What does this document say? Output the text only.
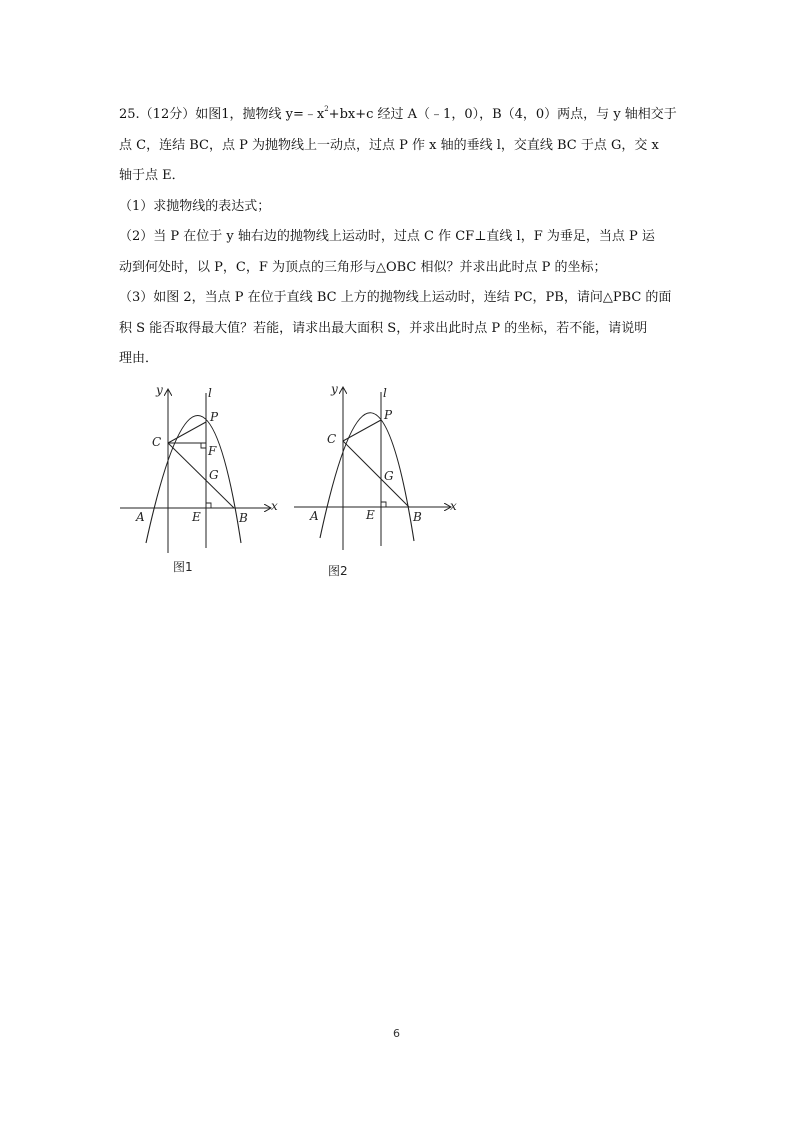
25.（12分）如图1，抛物线 $y=﹣x^2+bx+c$ 经过 A（﹣1，0），B（4，0）两点，与 y 轴相交于

点 C，连结 BC，点 P 为抛物线上一动点，过点 P 作 x 轴的垂线 l，交直线 BC 于点 G，交 x

轴于点 E．

（1）求抛物线的表达式；

（2）当 P 在位于 y 轴右边的抛物线上运动时，过点 C 作 CF⊥直线 l，F 为垂足，当点 P 运

动到何处时，以 P，C，F 为顶点的三角形与△OBC 相似？并求出此时点 P 的坐标；

（3）如图 2，当点 P 在位于直线 BC 上方的抛物线上运动时，连结 PC，PB，请问△PBC 的面

积 S 能否取得最大值？若能，请求出最大面积 S，并求出此时点 P 的坐标，若不能，请说明

理由．

y	l
P
C
F
G
A	E	B
x
图1
y	l
P
C
G
A	E	B
x
图2
6
